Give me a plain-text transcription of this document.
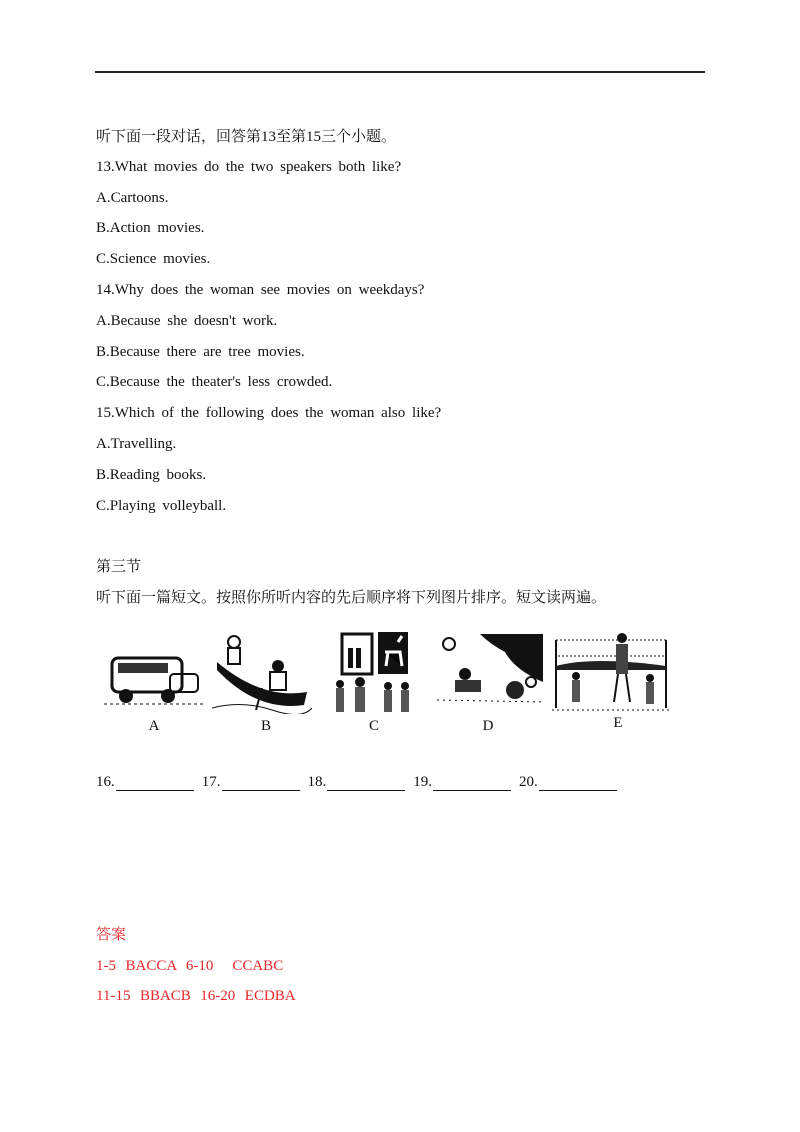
听下面一段对话，回答第13至第15三个小题。
13.What movies do the two speakers both like?
A.Cartoons.
B.Action movies.
C.Science movies.
14.Why does the woman see movies on weekdays?
A.Because she doesn't work.
B.Because there are tree movies.
C.Because the theater's less crowded.
15.Which of the following does the woman also like?
A.Travelling.
B.Reading books.
C.Playing volleyball.
第三节
听下面一篇短文。按照你所听内容的先后顺序将下列图片排序。短文读两遍。
A	B	C	D	E
16.	17.	18.	19.	20.
答案
1-5  BACCA  6-10    CCABC
11-15  BBACB  16-20  ECDBA
